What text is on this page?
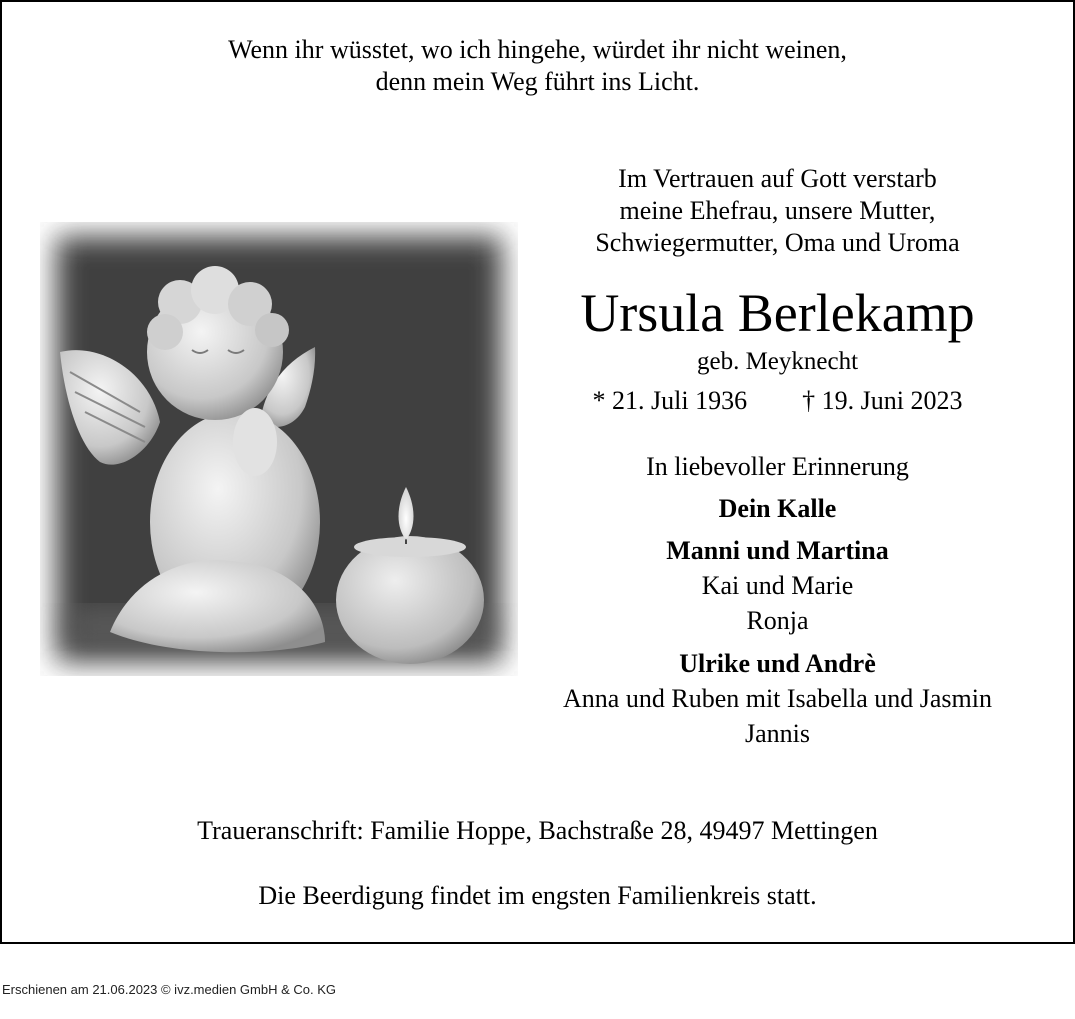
Wenn ihr wüsstet, wo ich hingehe, würdet ihr nicht weinen,
denn mein Weg führt ins Licht.
Im Vertrauen auf Gott verstarb
meine Ehefrau, unsere Mutter,
Schwiegermutter, Oma und Uroma
Ursula Berlekamp
geb. Meyknecht
* 21. Juli 1936 † 19. Juni 2023
In liebevoller Erinnerung
Dein Kalle
Manni und Martina
Kai und Marie
Ronja
Ulrike und Andrè
Anna und Ruben mit Isabella und Jasmin
Jannis
Traueranschrift: Familie Hoppe, Bachstraße 28, 49497 Mettingen
Die Beerdigung findet im engsten Familienkreis statt.
Erschienen am 21.06.2023 © ivz.medien GmbH & Co. KG
